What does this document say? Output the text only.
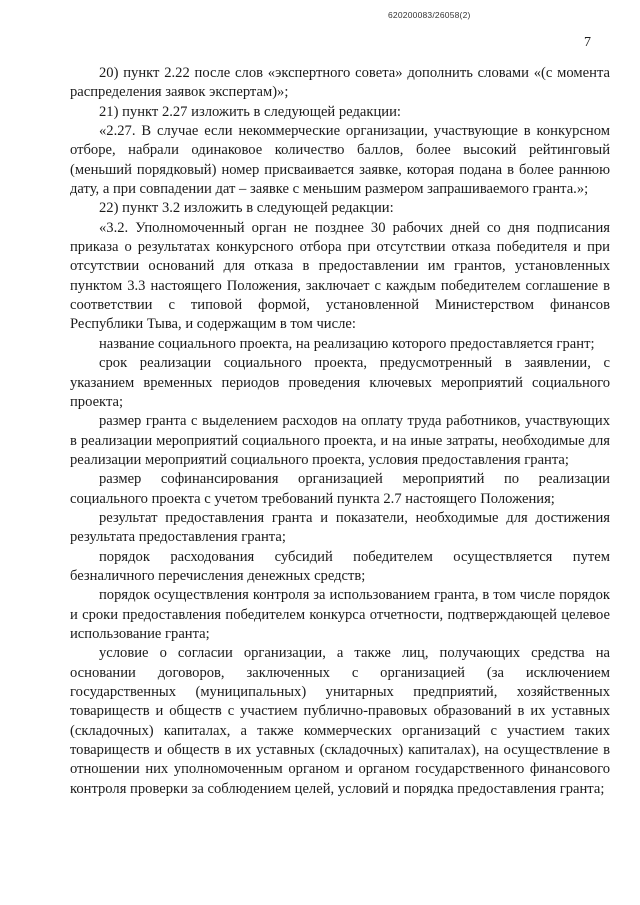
620200083/26058(2)
7

20) пункт 2.22 после слов «экспертного совета» дополнить словами «(с момента распределения заявок экспертам)»;

21) пункт 2.27 изложить в следующей редакции:

«2.27. В случае если некоммерческие организации, участвующие в конкурсном отборе, набрали одинаковое количество баллов, более высокий рейтинговый (меньший порядковый) номер присваивается заявке, которая подана в более раннюю дату, а при совпадении дат – заявке с меньшим размером запрашиваемого гранта.»;

22) пункт 3.2 изложить в следующей редакции:

«3.2. Уполномоченный орган не позднее 30 рабочих дней со дня подписания приказа о результатах конкурсного отбора при отсутствии отказа победителя и при отсутствии оснований для отказа в предоставлении им грантов, установленных пунктом 3.3 настоящего Положения, заключает с каждым победителем соглашение в соответствии с типовой формой, установленной Министерством финансов Республики Тыва, и содержащим в том числе:

название социального проекта, на реализацию которого предоставляется грант;

срок реализации социального проекта, предусмотренный в заявлении, с указанием временных периодов проведения ключевых мероприятий социального проекта;

размер гранта с выделением расходов на оплату труда работников, участвующих в реализации мероприятий социального проекта, и на иные затраты, необходимые для реализации мероприятий социального проекта, условия предоставления гранта;

размер софинансирования организацией мероприятий по реализации социального проекта с учетом требований пункта 2.7 настоящего Положения;

результат предоставления гранта и показатели, необходимые для достижения результата предоставления гранта;

порядок расходования субсидий победителем осуществляется путем безналичного перечисления денежных средств;

порядок осуществления контроля за использованием гранта, в том числе порядок и сроки предоставления победителем конкурса отчетности, подтверждающей целевое использование гранта;

условие о согласии организации, а также лиц, получающих средства на основании договоров, заключенных с организацией (за исключением государственных (муниципальных) унитарных предприятий, хозяйственных товариществ и обществ с участием публично-правовых образований в их уставных (складочных) капиталах, а также коммерческих организаций с участием таких товариществ и обществ в их уставных (складочных) капиталах), на осуществление в отношении них уполномоченным органом и органом государственного финансового контроля проверки за соблюдением целей, условий и порядка предоставления гранта;
